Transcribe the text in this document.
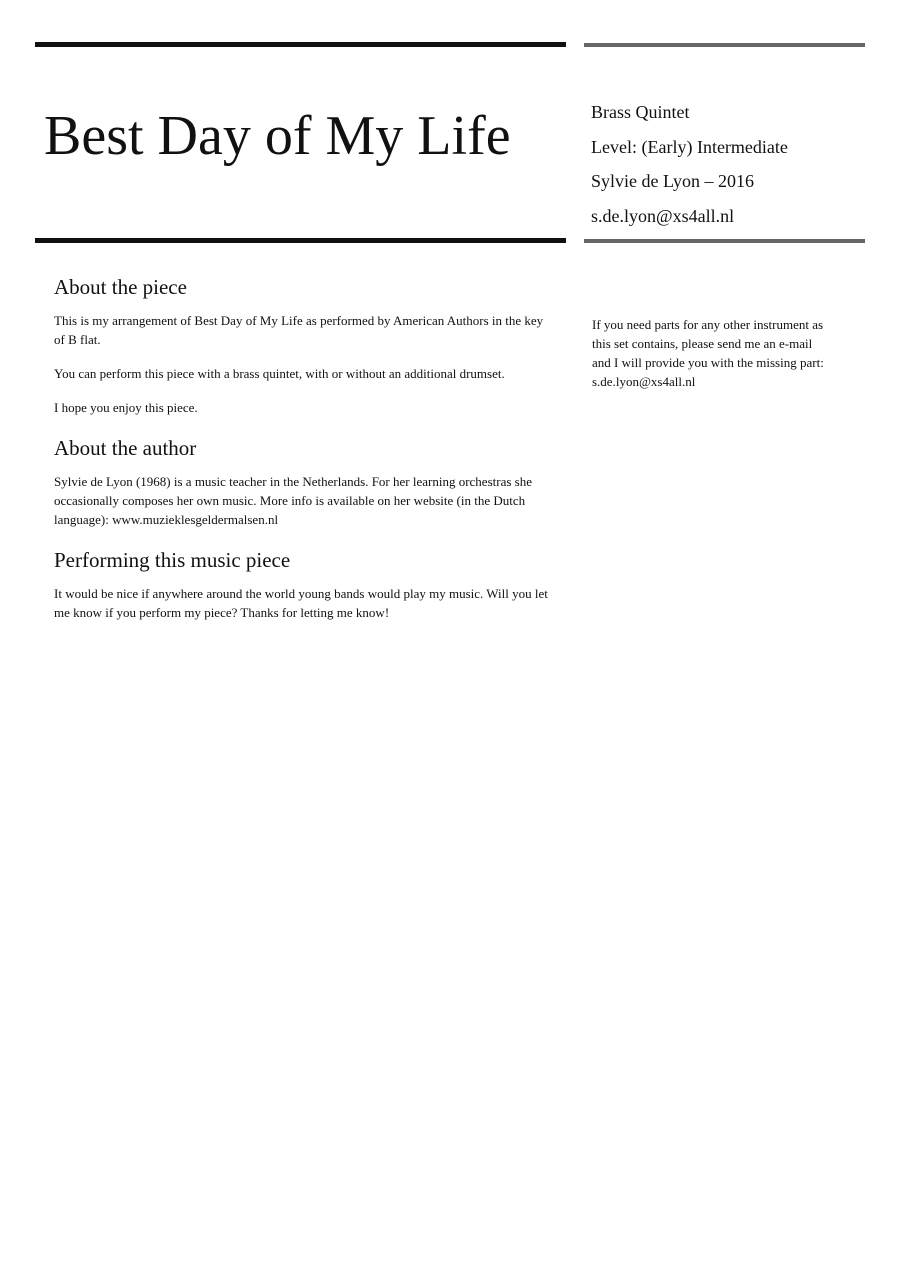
Best Day of My Life	Brass Quintet
Level: (Early) Intermediate
Sylvie de Lyon – 2016
s.de.lyon@xs4all.nl
About the piece

This is my arrangement of Best Day of My Life as performed by American Authors in the key of B flat.

You can perform this piece with a brass quintet, with or without an additional drumset.

I hope you enjoy this piece.

About the author

Sylvie de Lyon (1968) is a music teacher in the Netherlands. For her learning orchestras she occasionally composes her own music. More info is available on her website (in the Dutch language): www.muzieklesgeldermalsen.nl

Performing this music piece

It would be nice if anywhere around the world young bands would play my music. Will you let me know if you perform my piece? Thanks for letting me know!

If you need parts for any other instrument as this set contains, please send me an e-mail and I will provide you with the missing part: s.de.lyon@xs4all.nl
